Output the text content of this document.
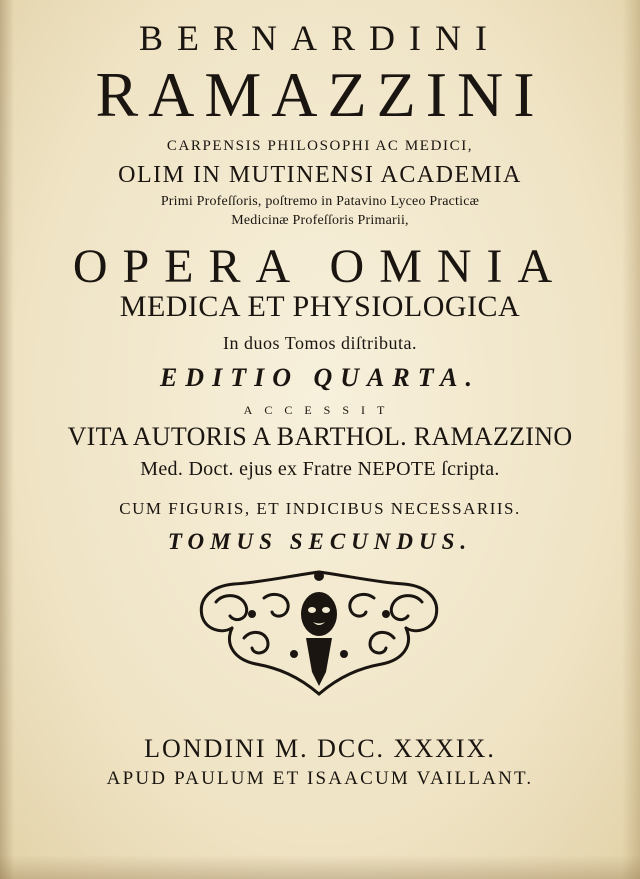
BERNARDINI
RAMAZZINI
CARPENSIS PHILOSOPHI AC MEDICI,
OLIM IN MUTINENSI ACADEMIA
Primi Profeſſoris, poſtremo in Patavino Lyceo Practicæ
Medicinæ Profeſſoris Primarii,
OPERA OMNIA
MEDICA ET PHYSIOLOGICA
In duos Tomos diſtributa.
EDITIO QUARTA.
ACCESSIT
VITA AUTORIS A BARTHOL. RAMAZZINO
Med. Doct. ejus ex Fratre NEPOTE ſcripta.
CUM FIGURIS, ET INDICIBUS NECESSARIIS.
TOMUS SECUNDUS.
LONDINI M. DCC. XXXIX.
APUD PAULUM ET ISAACUM VAILLANT.
